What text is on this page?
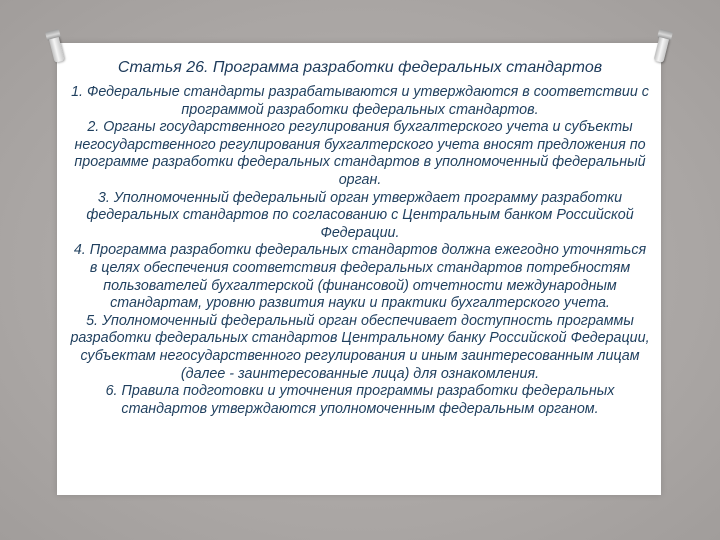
Статья 26. Программа разработки федеральных стандартов

1. Федеральные стандарты разрабатываются и утверждаются в соответствии с программой разработки федеральных стандартов.

2. Органы государственного регулирования бухгалтерского учета и субъекты негосударственного регулирования бухгалтерского учета вносят предложения по программе разработки федеральных стандартов в уполномоченный федеральный орган.

3. Уполномоченный федеральный орган утверждает программу разработки федеральных стандартов по согласованию с Центральным банком Российской Федерации.

4. Программа разработки федеральных стандартов должна ежегодно уточняться в целях обеспечения соответствия федеральных стандартов потребностям пользователей бухгалтерской (финансовой) отчетности международным стандартам, уровню развития науки и практики бухгалтерского учета.

5. Уполномоченный федеральный орган обеспечивает доступность программы разработки федеральных стандартов Центральному банку Российской Федерации, субъектам негосударственного регулирования и иным заинтересованным лицам (далее - заинтересованные лица) для ознакомления.

6. Правила подготовки и уточнения программы разработки федеральных стандартов утверждаются уполномоченным федеральным органом.
